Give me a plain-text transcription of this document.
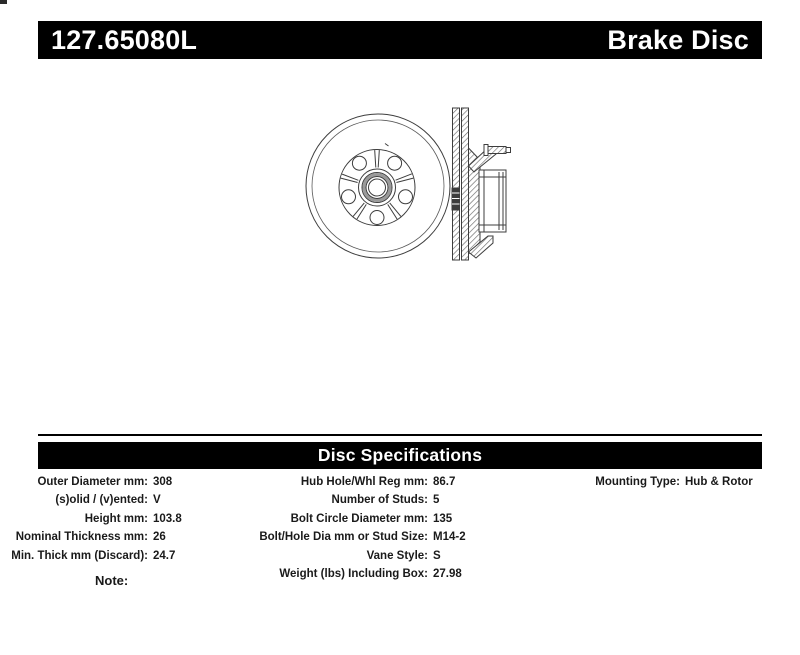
127.65080L	Brake Disc
Disc Specifications
Outer Diameter mm: 308
(s)olid / (v)ented: V
Height mm: 103.8
Nominal Thickness mm: 26
Min. Thick mm (Discard): 24.7
Hub Hole/Whl Reg mm: 86.7
Number of Studs: 5
Bolt Circle Diameter mm: 135
Bolt/Hole Dia mm or Stud Size: M14-2
Vane Style: S
Weight (lbs) Including Box: 27.98
Mounting Type: Hub & Rotor
Note:
